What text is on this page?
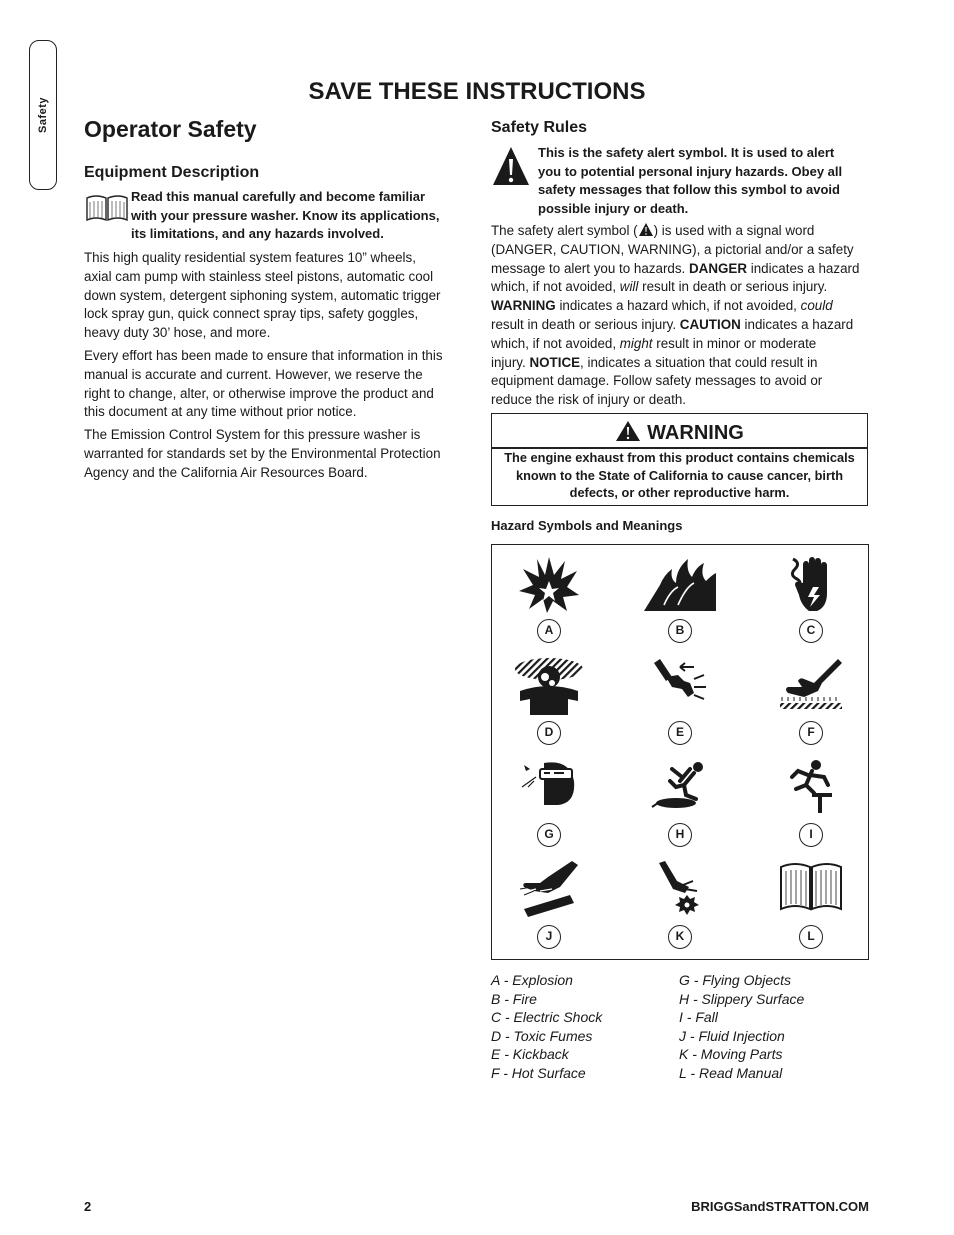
Safety
SAVE THESE INSTRUCTIONS
Operator Safety
Equipment Description
Read this manual carefully and become familiar
with your pressure washer. Know its applications,
its limitations, and any hazards involved.

This high quality residential system features 10” wheels,
axial cam pump with stainless steel pistons, automatic cool
down system, detergent siphoning system, automatic trigger
lock spray gun, quick connect spray tips, safety goggles,
heavy duty 30’ hose, and more.

Every effort has been made to ensure that information in this
manual is accurate and current. However, we reserve the
right to change, alter, or otherwise improve the product and
this document at any time without prior notice.

The Emission Control System for this pressure washer is
warranted for standards set by the Environmental Protection
Agency and the California Air Resources Board.

Safety Rules
This is the safety alert symbol. It is used to alert
you to potential personal injury hazards. Obey all
safety messages that follow this symbol to avoid
possible injury or death.
The safety alert symbol ( ) is used with a signal word
(DANGER, CAUTION, WARNING), a pictorial and/or a safety
message to alert you to hazards. DANGER indicates a hazard
which, if not avoided, will result in death or serious injury.
WARNING indicates a hazard which, if not avoided, could
result in death or serious injury. CAUTION indicates a hazard
which, if not avoided, might result in minor or moderate
injury. NOTICE, indicates a situation that could result in
equipment damage. Follow safety messages to avoid or
reduce the risk of injury or death.
WARNING
The engine exhaust from this product contains chemicals
known to the State of California to cause cancer, birth
defects, or other reproductive harm.
Hazard Symbols and Meanings
A	B	C
D	E	F
G	H	I
J	K	L
A - Explosion
B - Fire
C - Electric Shock
D - Toxic Fumes
E - Kickback
F - Hot Surface
G - Flying Objects
H - Slippery Surface
I - Fall
J - Fluid Injection
K - Moving Parts
L - Read Manual
2	BRIGGSandSTRATTON.COM
